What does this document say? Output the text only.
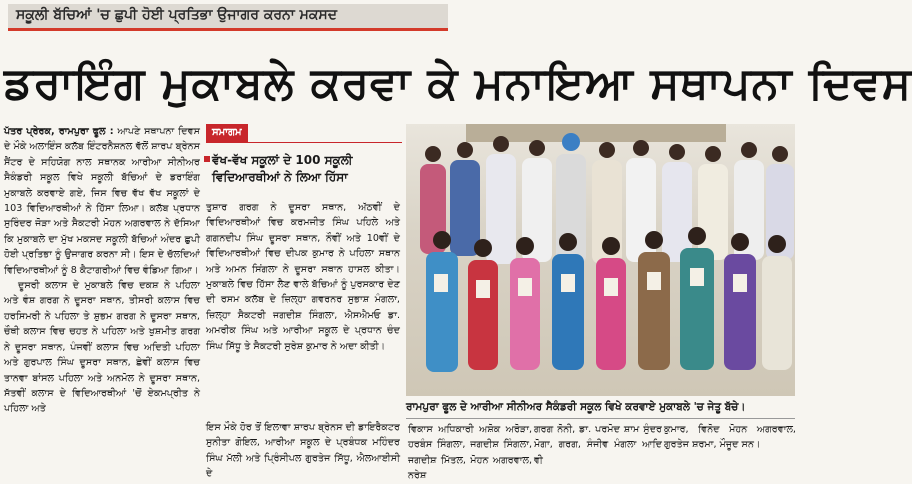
ਸਕੂਲੀ ਬੱਚਿਆਂ 'ਚ ਛੁਪੀ ਹੋਈ ਪ੍ਰਤਿਭਾ ਉਜਾਗਰ ਕਰਨਾ ਮਕਸਦ
ਡਰਾਇੰਗ ਮੁਕਾਬਲੇ ਕਰਵਾ ਕੇ ਮਨਾਇਆ ਸਥਾਪਨਾ ਦਿਵਸ

ਪੱਤਰ ਪ੍ਰੇਰਕ, ਰਾਮਪੁਰਾ ਫੂਲ : ਆਪਣੇ ਸਥਾਪਨਾ ਦਿਵਸ ਦੇ ਮੌਕੇ ਅਲਾਇੰਸ ਕਲੱਬ ਇੰਟਰਨੈਸ਼ਨਲ ਵੱਲੋਂ ਸ਼ਾਰਪ ਬ੍ਰੇਨਸ ਸੈਂਟਰ ਦੇ ਸਹਿਯੋਗ ਨਾਲ ਸਥਾਨਕ ਆਰੀਆ ਸੀਨੀਅਰ ਸੈਕੰਡਰੀ ਸਕੂਲ ਵਿਖੇ ਸਕੂਲੀ ਬੱਚਿਆਂ ਦੇ ਡਰਾਇੰਗ ਮੁਕਾਬਲੇ ਕਰਵਾਏ ਗਏ, ਜਿਸ ਵਿਚ ਵੱਖ ਵੱਖ ਸਕੂਲਾਂ ਦੇ 103 ਵਿਦਿਆਰਥੀਆਂ ਨੇ ਹਿੱਸਾ ਲਿਆ। ਕਲੱਬ ਪ੍ਰਧਾਨ ਸੁਰਿੰਦਰ ਜੋੜਾ ਅਤੇ ਸੈਕਟਰੀ ਮੋਹਨ ਅਗਰਵਾਲ ਨੇ ਦੱਸਿਆ ਕਿ ਮੁਕਾਬਲੇ ਦਾ ਮੁੱਖ ਮਕਸਦ ਸਕੂਲੀ ਬੱਚਿਆਂ ਅੰਦਰ ਛੁਪੀ ਹੋਈ ਪ੍ਰਤਿਭਾ ਨੂੰ ਉਜਾਗਰ ਕਰਨਾ ਸੀ। ਇਸ ਦੇ ਚੱਲਦਿਆਂ ਵਿਦਿਆਰਥੀਆਂ ਨੂੰ 8 ਕੈਟਾਗਰੀਆਂ ਵਿਚ ਵੰਡਿਆ ਗਿਆ।

ਦੂਸਰੀ ਕਲਾਸ ਦੇ ਮੁਕਾਬਲੇ ਵਿਚ ਦਕਸ਼ ਨੇ ਪਹਿਲਾ ਅਤੇ ਵੰਸ਼ ਗਰਗ ਨੇ ਦੂਸਰਾ ਸਥਾਨ, ਤੀਸਰੀ ਕਲਾਸ ਵਿਚ ਹਰਸਿਮਰੀ ਨੇ ਪਹਿਲਾ ਤੇ ਸ਼ੁਭਮ ਗਰਗ ਨੇ ਦੂਸਰਾ ਸਥਾਨ, ਚੌਥੀ ਕਲਾਸ ਵਿਚ ਚਹਤ ਨੇ ਪਹਿਲਾ ਅਤੇ ਖੁਸ਼ਮੀਤ ਗਰਗ ਨੇ ਦੂਸਰਾ ਸਥਾਨ, ਪੰਜਵੀਂ ਕਲਾਸ ਵਿਚ ਅਦਿਤੀ ਪਹਿਲਾ ਅਤੇ ਗੁਰਪਾਲ ਸਿੰਘ ਦੂਸਰਾ ਸਥਾਨ, ਛੇਵੀਂ ਕਲਾਸ ਵਿਚ ਤਾਨਵਾ ਬਾਂਸਲ ਪਹਿਲਾ ਅਤੇ ਅਨਮੋਲ ਨੇ ਦੂਸਰਾ ਸਥਾਨ, ਸੱਤਵੀਂ ਕਲਾਸ ਦੇ ਵਿਦਿਆਰਥੀਆਂ 'ਚੋਂ ਏਕਮਪ੍ਰੀਤ ਨੇ ਪਹਿਲਾ ਅਤੇ

ਸਮਾਗਮ
ਵੱਖ-ਵੱਖ ਸਕੂਲਾਂ ਦੇ 100 ਸਕੂਲੀ ਵਿਦਿਆਰਥੀਆਂ ਨੇ ਲਿਆ ਹਿੱਸਾ
ਤੁਸ਼ਾਰ ਗਰਗ ਨੇ ਦੂਸਰਾ ਸਥਾਨ, ਅੱਠਵੀਂ ਦੇ ਵਿਦਿਆਰਥੀਆਂ ਵਿਚ ਕਰਮਜੀਤ ਸਿੰਘ ਪਹਿਲੇ ਅਤੇ ਗਗਨਦੀਪ ਸਿੰਘ ਦੂਸਰਾ ਸਥਾਨ, ਨੌਵੀਂ ਅਤੇ 10ਵੀਂ ਦੇ ਵਿਦਿਆਰਥੀਆਂ ਵਿਚ ਦੀਪਕ ਕੁਮਾਰ ਨੇ ਪਹਿਲਾ ਸਥਾਨ ਅਤੇ ਅਮਨ ਸਿਂਗਲਾ ਨੇ ਦੂਸਰਾ ਸਥਾਨ ਹਾਸਲ ਕੀਤਾ। ਮੁਕਾਬਲੇ ਵਿਚ ਹਿੱਸਾ ਲੈਣ ਵਾਲੇ ਬੱਚਿਆਂ ਨੂੰ ਪੁਰਸਕਾਰ ਦੇਣ ਦੀ ਰਸਮ ਕਲੱਬ ਦੇ ਜ਼ਿਲ੍ਹਾ ਗਵਰਨਰ ਸੁਭਾਸ਼ ਮੰਗਲਾ, ਜ਼ਿਲ੍ਹਾ ਸੈਕਟਰੀ ਜਗਦੀਸ਼ ਸਿੰਗਲਾ, ਐਸਐਮਓ ਡਾ. ਅਮਰੀਕ ਸਿੰਘ ਅਤੇ ਆਰੀਆ ਸਕੂਲ ਦੇ ਪ੍ਰਧਾਨ ਚੰਦ ਸਿੰਘ ਸਿੱਧੂ ਤੇ ਸੈਕਟਰੀ ਸੁਰੇਸ਼ ਕੁਮਾਰ ਨੇ ਅਦਾ ਕੀਤੀ।
ਇਸ ਮੌਕੇ ਹੋਰ ਤੋਂ ਇਲਾਵਾ ਸ਼ਾਰਪ ਬ੍ਰੇਨਸ ਦੀ ਡਾਇਰੈਕਟਰ ਸੁਨੀਤਾ ਗੋਇਲ, ਆਰੀਆ ਸਕੂਲ ਦੇ ਪ੍ਰਬੰਧਕ ਮਹਿੰਦਰ ਸਿੰਘ ਮੱਲੀ ਅਤੇ ਪ੍ਰਿੰਸੀਪਲ ਗੁਰਤੇਜ ਸਿੱਧੂ, ਐਲਆਈਸੀ ਦੇ
ਰਾਮਪੁਰਾ ਫੂਲ ਦੇ ਆਰੀਆ ਸੀਨੀਅਰ ਸੈਕੰਡਰੀ ਸਕੂਲ ਵਿਖੇ ਕਰਵਾਏ ਮੁਕਾਬਲੇ 'ਚ ਜੇਤੂ ਬੱਚੇ।
ਵਿਕਾਸ ਅਧਿਕਾਰੀ ਅਸ਼ੋਕ ਅਰੋੜਾ, ਹਰਬੰਸ ਸਿੰਗਲਾ, ਜਗਦੀਸ਼ ਸਿੰਗਲਾ, ਜਗਦੀਸ਼ ਮਿੱਤਲ, ਮੋਹਨ ਅਗਰਵਾਲ, ਨਰੇਸ਼
ਗਰਗ ਨੋਨੀ, ਡਾ. ਪਰਮੋਦ ਸ਼ਾਮ ਸੁੰਦਰ ਮੋਗਾ, ਗਰਗ, ਸੰਜੀਵ ਮੰਗਲਾ ਆਦਿ ਵੀ
ਕੁਮਾਰ, ਵਿਨੋਦ ਮੋਹਨ ਅਗਰਵਾਲ, ਗੁਰਤੇਜ ਸ਼ਰਮਾ, ਮੌਜੂਦ ਸਨ।
